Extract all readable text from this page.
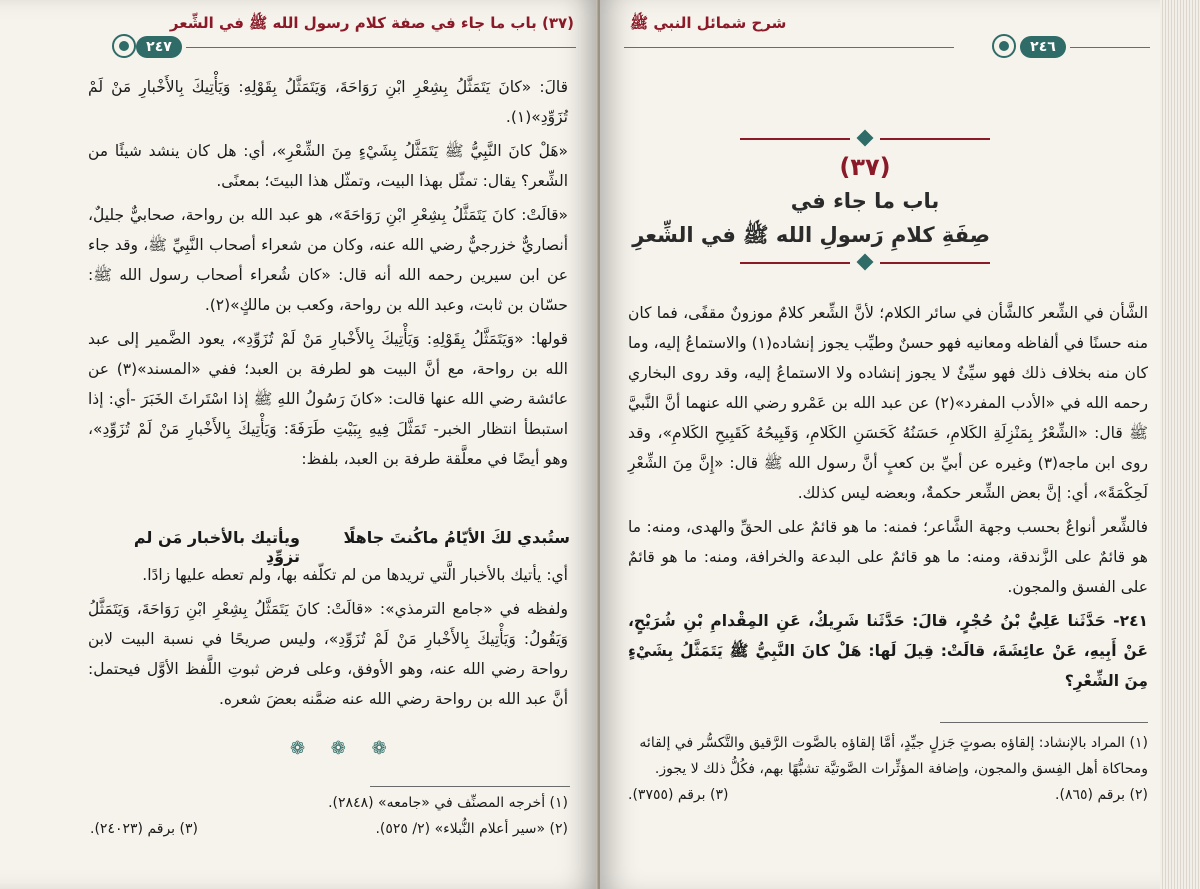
٢٤٧
(٣٧) باب ما جاء في صفة كلام رسول الله ﷺ في الشِّعر

قالَ: «كانَ يَتَمَثَّلُ بِشِعْرِ ابْنِ رَوَاحَةَ، وَيَتَمَثَّلُ بِقَوْلِهِ: وَيَأْتِيكَ بِالأَخْبارِ مَنْ لَمْ تُزَوِّدِ»(١).

«هَلْ كانَ النَّبِيُّ ﷺ يَتَمَثَّلُ بِشَيْءٍ مِنَ الشِّعْرِ»، أي: هل كان ينشد شيئًا من الشِّعر؟ يقال: تمثّل بهذا البيت، وتمثّل هذا البيتَ؛ بمعنًى.

«قالَتْ: كانَ يَتَمَثَّلُ بِشِعْرِ ابْنِ رَوَاحَةَ»، هو عبد الله بن رواحة، صحابيٌّ جليلٌ، أنصاريٌّ خزرجيٌّ رضي الله عنه، وكان من شعراء أصحاب النَّبِيِّ ﷺ، وقد جاء عن ابن سيرين رحمه الله أنه قال: «كان شُعراء أصحاب رسول الله ﷺ: حسّان بن ثابت، وعبد الله بن رواحة، وكعب بن مالكٍ»(٢).

قولها: «وَيَتَمَثَّلُ بِقَوْلِهِ: وَيَأْتِيكَ بِالأَخْبارِ مَنْ لَمْ تُزَوِّدِ»، يعود الضَّمير إلى عبد الله بن رواحة، مع أنَّ البيت هو لطرفة بن العبد؛ ففي «المسند»(٣) عن عائشة رضي الله عنها قالت: «كانَ رَسُولُ اللهِ ﷺ إذا اسْتَراثَ الخَبَرَ -أي: إذا استبطأ انتظار الخبر- تَمَثَّلَ فِيهِ بِبَيْتِ طَرَفَةَ: وَيَأْتِيكَ بِالأَخْبارِ مَنْ لَمْ تُزَوِّدِ»، وهو أيضًا في معلَّقة طرفة بن العبد، بلفظ:

ستُبدي لكَ الأيّامُ ماكُنتَ جاهلًا
ويأتيك بالأخبار مَن لم تزوِّدِ

أي: يأتيك بالأخبار الَّتي تريدها من لم تكلّفه بها، ولم تعطه عليها زادًا.

ولفظه في «جامع الترمذي»: «قالَتْ: كانَ يَتَمَثَّلُ بِشِعْرِ ابْنِ رَوَاحَةَ، وَيَتَمَثَّلُ وَيَقُولُ: وَيَأْتِيكَ بِالأَخْبارِ مَنْ لَمْ تُزَوِّدِ»، وليس صريحًا في نسبة البيت لابن رواحة رضي الله عنه، وهو الأوفق، وعلى فرض ثبوتِ اللَّفظ الأوَّل فيحتمل: أنَّ عبد الله بن رواحة رضي الله عنه ضمَّنه بعضَ شعره.

❁ ❁ ❁
(١) أخرجه المصنِّف في «جامعه» (٢٨٤٨).
(٢) «سير أعلام النُّبلاء» (٢/ ٥٢٥).
(٣) برقم (٢٤٠٢٣).
شرح شمائل النبي ﷺ
٢٤٦
(٣٧)
باب ما جاء في
صِفَةِ كلامِ رَسولِ الله ﷺ في الشِّعرِ

الشَّأن في الشِّعر كالشَّأن في سائر الكلام؛ لأنَّ الشِّعر كلامٌ موزونٌ مقفًى، فما كان منه حسنًا في ألفاظه ومعانيه فهو حسنٌ وطيِّب يجوز إنشاده(١) والاستماعُ إليه، وما كان منه بخلاف ذلك فهو سيِّئٌ لا يجوز إنشاده ولا الاستماعُ إليه، وقد روى البخاري رحمه الله في «الأدب المفرد»(٢) عن عبد الله بن عَمْرو رضي الله عنهما أنَّ النَّبيَّ ﷺ قال: «الشِّعْرُ بِمَنْزِلَةِ الكَلامِ، حَسَنُهُ كَحَسَنِ الكَلامِ، وَقَبِيحُهُ كَقَبِيحِ الكَلامِ»، وقد روى ابن ماجه(٣) وغيره عن أبيِّ بن كعبٍ أنَّ رسول الله ﷺ قال: «إِنَّ مِنَ الشِّعْرِ لَحِكْمَةً»، أي: إنَّ بعض الشِّعر حكمةٌ، وبعضه ليس كذلك.

فالشِّعر أنواعٌ بحسب وجهة الشَّاعر؛ فمنه: ما هو قائمٌ على الحقِّ والهدى، ومنه: ما هو قائمٌ على الزَّندقة، ومنه: ما هو قائمٌ على البدعة والخرافة، ومنه: ما هو قائمٌ على الفسق والمجون.

٢٤١- حَدَّثَنا عَلِيُّ بْنُ حُجْرٍ، قالَ: حَدَّثَنا شَرِيكٌ، عَنِ المِقْدامِ بْنِ شُرَيْحٍ، عَنْ أَبِيهِ، عَنْ عائِشَةَ، قالَتْ: قِيلَ لَها: هَلْ كانَ النَّبِيُّ ﷺ يَتَمَثَّلُ بِشَيْءٍ مِنَ الشِّعْرِ؟

(١) المراد بالإنشاد: إلقاؤه بصوتٍ جَزلٍ جيِّدٍ، أمَّا إلقاؤه بالصَّوت الرَّقيق والتَّكسُّر في إلقائه ومحاكاة أهل الفِسق والمجون، وإضافة المؤثِّرات الصَّوتيَّة تشبُّهًا بهم، فكُلُّ ذلك لا يجوز.
(٢) برقم (٨٦٥).
(٣) برقم (٣٧٥٥).
